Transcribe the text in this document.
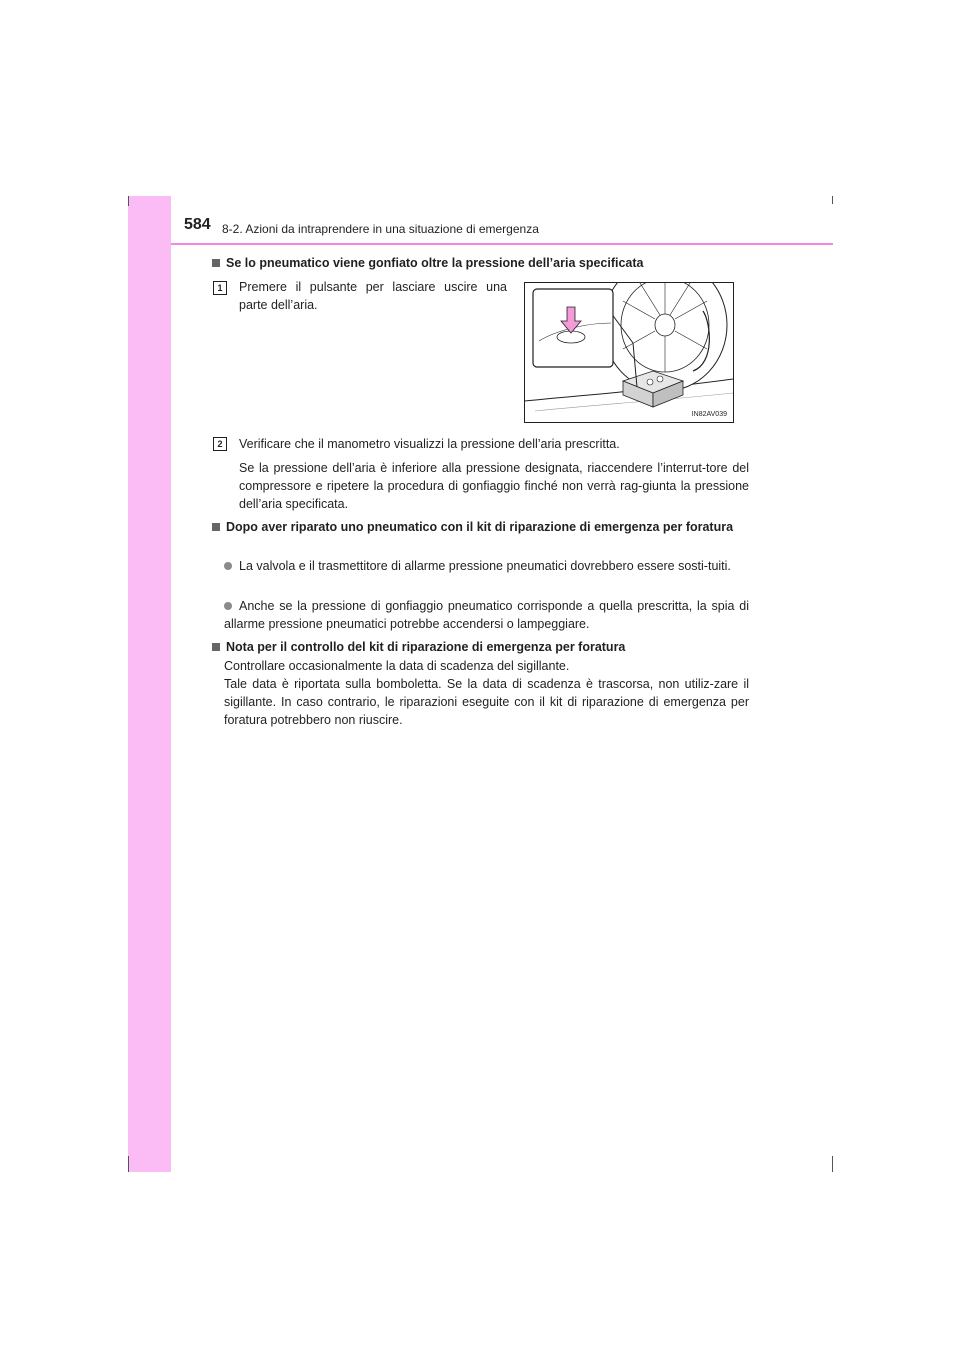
584 8-2. Azioni da intraprendere in una situazione di emergenza
Se lo pneumatico viene gonfiato oltre la pressione dell’aria specificata
1	Premere il pulsante per lasciare uscire una parte dell’aria.
IN82AV039
2	Verificare che il manometro visualizzi la pressione dell’aria prescritta.
Se la pressione dell’aria è inferiore alla pressione designata, riaccendere l’interrut-tore del compressore e ripetere la procedura di gonfiaggio finché non verrà rag-giunta la pressione dell’aria specificata.
Dopo aver riparato uno pneumatico con il kit di riparazione di emergenza per foratura
La valvola e il trasmettitore di allarme pressione pneumatici dovrebbero essere sosti-tuiti.
Anche se la pressione di gonfiaggio pneumatico corrisponde a quella prescritta, la spia di allarme pressione pneumatici potrebbe accendersi o lampeggiare.
Nota per il controllo del kit di riparazione di emergenza per foratura
Controllare occasionalmente la data di scadenza del sigillante.
Tale data è riportata sulla bomboletta. Se la data di scadenza è trascorsa, non utiliz-zare il sigillante. In caso contrario, le riparazioni eseguite con il kit di riparazione di emergenza per foratura potrebbero non riuscire.
